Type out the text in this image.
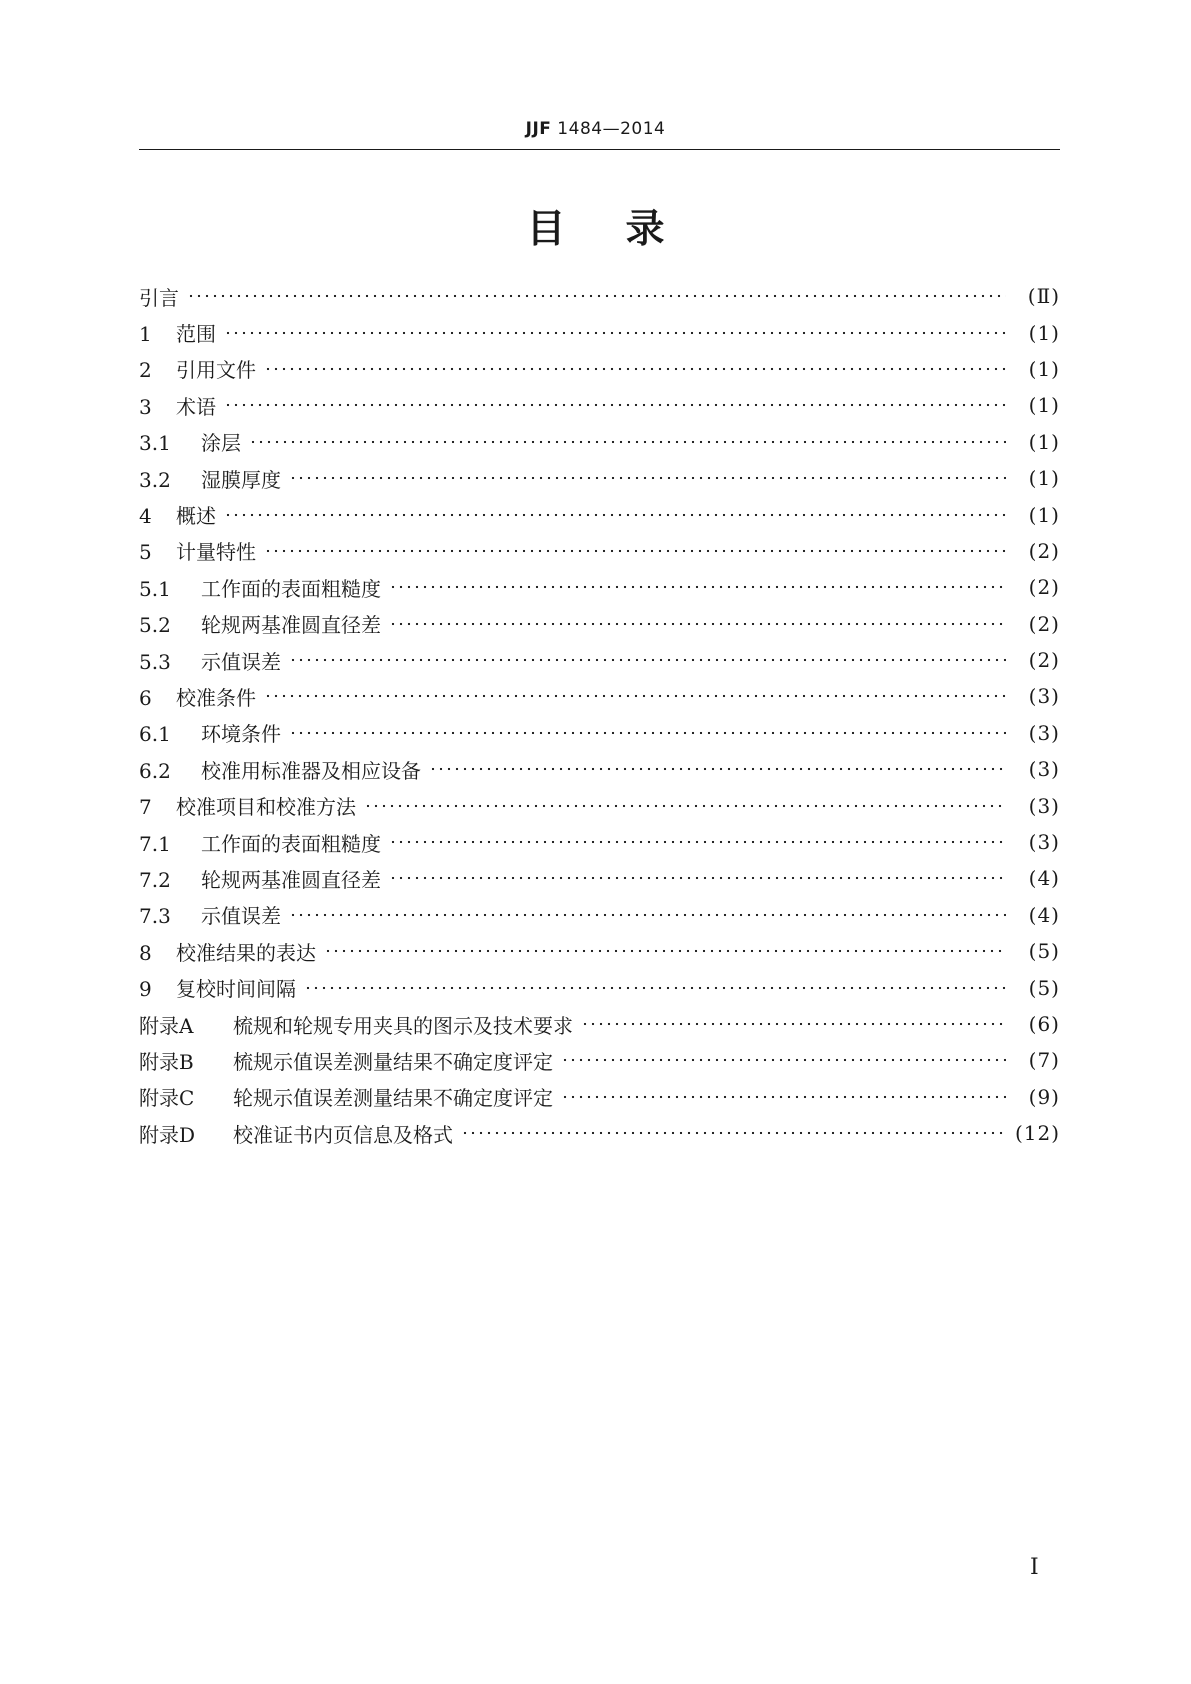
JJF 1484—2014
目录
引言	(Ⅱ)
1 范围	(1)
2 引用文件	(1)
3 术语	(1)
3.1 涂层	(1)
3.2 湿膜厚度	(1)
4 概述	(1)
5 计量特性	(2)
5.1 工作面的表面粗糙度	(2)
5.2 轮规两基准圆直径差	(2)
5.3 示值误差	(2)
6 校准条件	(3)
6.1 环境条件	(3)
6.2 校准用标准器及相应设备	(3)
7 校准项目和校准方法	(3)
7.1 工作面的表面粗糙度	(3)
7.2 轮规两基准圆直径差	(4)
7.3 示值误差	(4)
8 校准结果的表达	(5)
9 复校时间间隔	(5)
附录A 梳规和轮规专用夹具的图示及技术要求	(6)
附录B 梳规示值误差测量结果不确定度评定	(7)
附录C 轮规示值误差测量结果不确定度评定	(9)
附录D 校准证书内页信息及格式	(12)
Ⅰ
